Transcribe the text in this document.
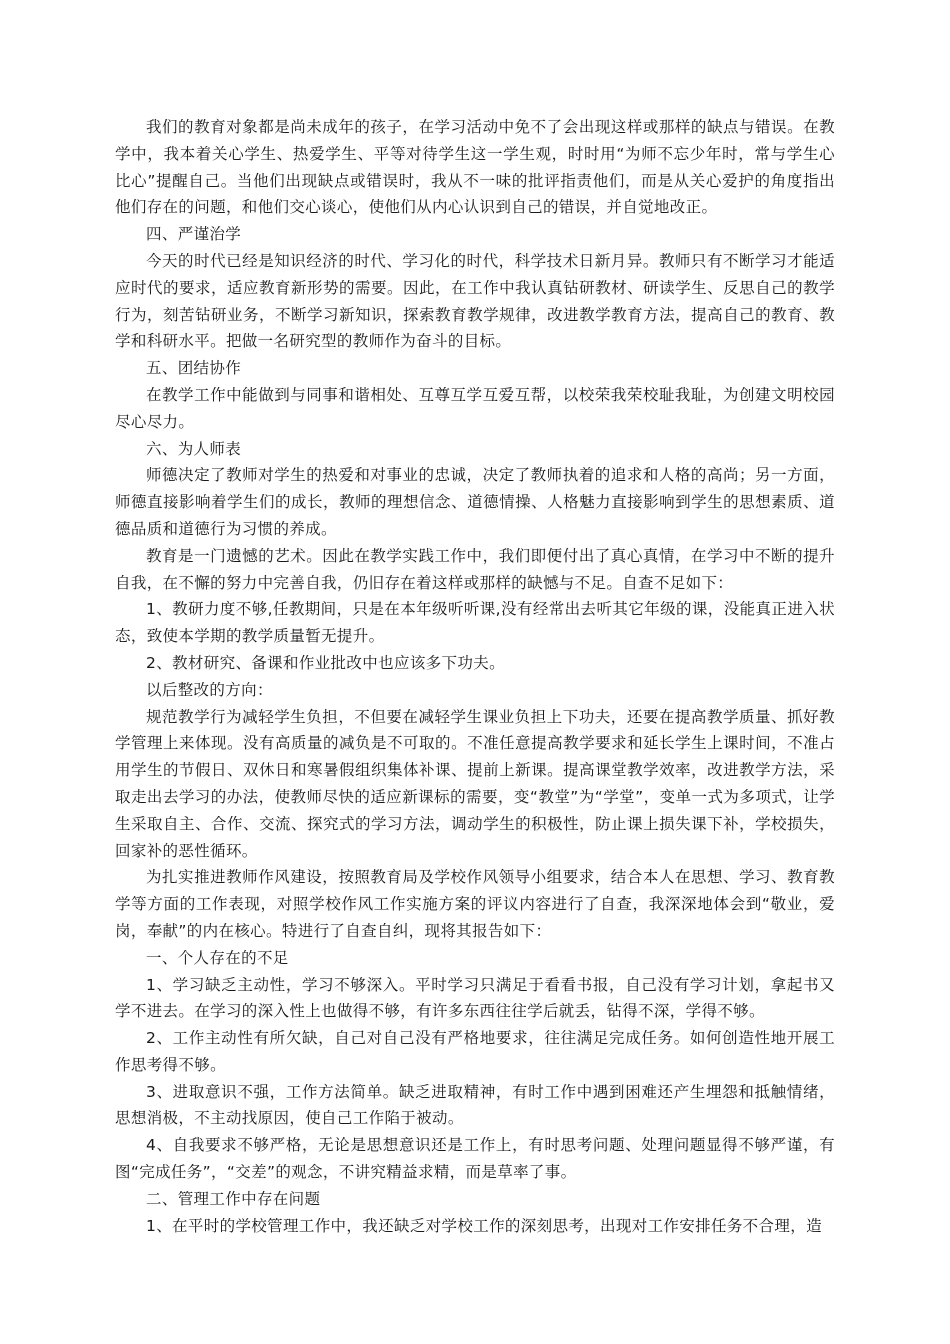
我们的教育对象都是尚未成年的孩子，在学习活动中免不了会出现这样或那样的缺点与错误。在教学中，我本着关心学生、热爱学生、平等对待学生这一学生观，时时用“为师不忘少年时，常与学生心比心”提醒自己。当他们出现缺点或错误时，我从不一味的批评指责他们，而是从关心爱护的角度指出他们存在的问题，和他们交心谈心，使他们从内心认识到自己的错误，并自觉地改正。

四、严谨治学

今天的时代已经是知识经济的时代、学习化的时代，科学技术日新月异。教师只有不断学习才能适应时代的要求，适应教育新形势的需要。因此，在工作中我认真钻研教材、研读学生、反思自己的教学行为，刻苦钻研业务，不断学习新知识，探索教育教学规律，改进教学教育方法，提高自己的教育、教学和科研水平。把做一名研究型的教师作为奋斗的目标。

五、团结协作

在教学工作中能做到与同事和谐相处、互尊互学互爱互帮，以校荣我荣校耻我耻，为创建文明校园尽心尽力。

六、为人师表

师德决定了教师对学生的热爱和对事业的忠诚，决定了教师执着的追求和人格的高尚；另一方面，师德直接影响着学生们的成长，教师的理想信念、道德情操、人格魅力直接影响到学生的思想素质、道德品质和道德行为习惯的养成。

教育是一门遗憾的艺术。因此在教学实践工作中，我们即便付出了真心真情，在学习中不断的提升自我，在不懈的努力中完善自我，仍旧存在着这样或那样的缺憾与不足。自查不足如下：

1、教研力度不够,任教期间，只是在本年级听听课,没有经常出去听其它年级的课，没能真正进入状态，致使本学期的教学质量暂无提升。

2、教材研究、备课和作业批改中也应该多下功夫。

以后整改的方向：

规范教学行为减轻学生负担，不但要在减轻学生课业负担上下功夫，还要在提高教学质量、抓好教学管理上来体现。没有高质量的减负是不可取的。不准任意提高教学要求和延长学生上课时间，不准占用学生的节假日、双休日和寒暑假组织集体补课、提前上新课。提高课堂教学效率，改进教学方法，采取走出去学习的办法，使教师尽快的适应新课标的需要，变“教堂”为“学堂”，变单一式为多项式，让学生采取自主、合作、交流、探究式的学习方法，调动学生的积极性，防止课上损失课下补，学校损失，回家补的恶性循环。

为扎实推进教师作风建设，按照教育局及学校作风领导小组要求，结合本人在思想、学习、教育教学等方面的工作表现，对照学校作风工作实施方案的评议内容进行了自查，我深深地体会到“敬业，爱岗，奉献”的内在核心。特进行了自查自纠，现将其报告如下：

一、个人存在的不足

1、学习缺乏主动性，学习不够深入。平时学习只满足于看看书报，自己没有学习计划，拿起书又学不进去。在学习的深入性上也做得不够，有许多东西往往学后就丢，钻得不深，学得不够。

2、工作主动性有所欠缺，自己对自己没有严格地要求，往往满足完成任务。如何创造性地开展工作思考得不够。

3、进取意识不强，工作方法简单。缺乏进取精神，有时工作中遇到困难还产生埋怨和抵触情绪，思想消极，不主动找原因，使自己工作陷于被动。

4、自我要求不够严格，无论是思想意识还是工作上，有时思考问题、处理问题显得不够严谨，有图“完成任务”，“交差”的观念，不讲究精益求精，而是草率了事。

二、管理工作中存在问题

1、在平时的学校管理工作中，我还缺乏对学校工作的深刻思考，出现对工作安排任务不合理，造
